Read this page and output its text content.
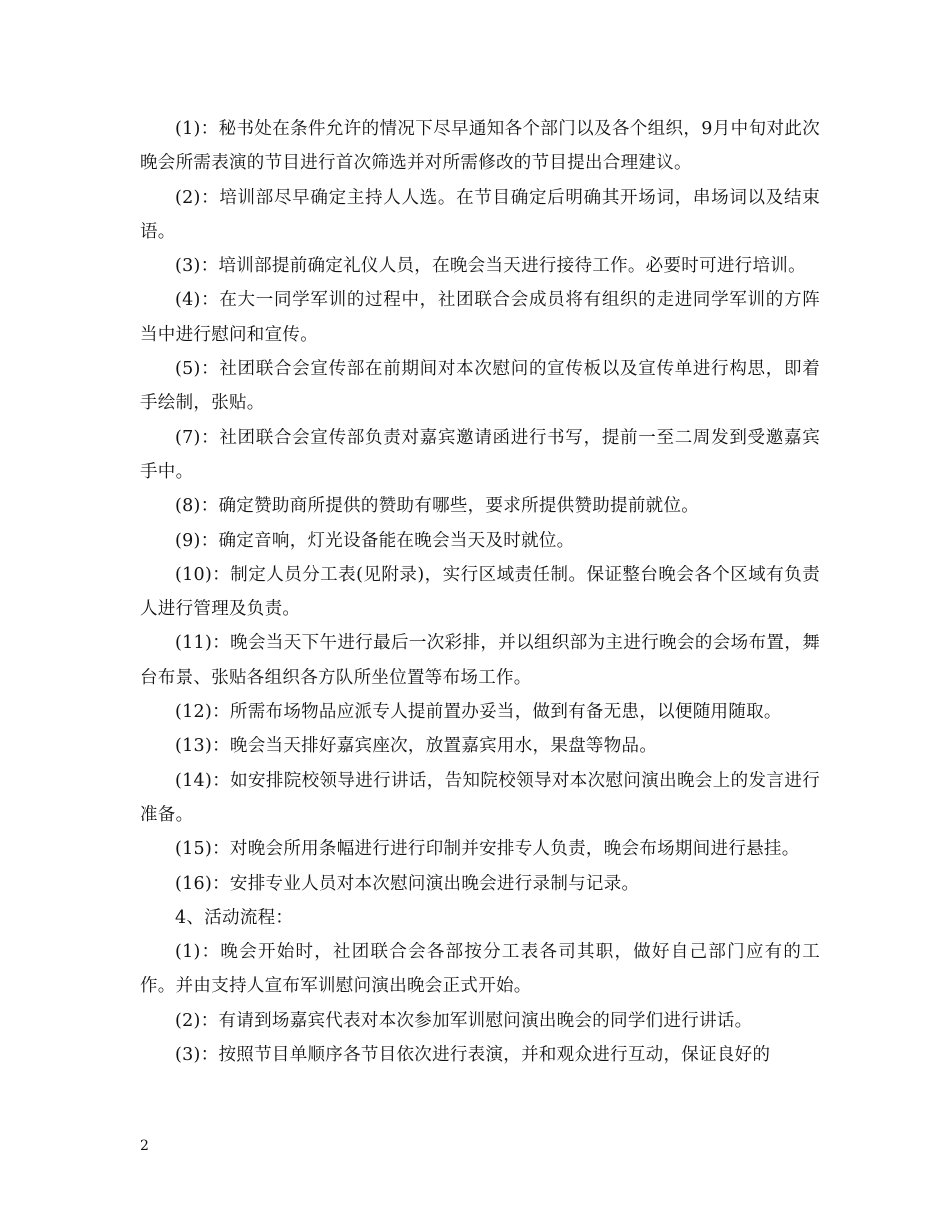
(1)：秘书处在条件允许的情况下尽早通知各个部门以及各个组织，9月中旬对此次晚会所需表演的节目进行首次筛选并对所需修改的节目提出合理建议。

(2)：培训部尽早确定主持人人选。在节目确定后明确其开场词，串场词以及结束语。

(3)：培训部提前确定礼仪人员，在晚会当天进行接待工作。必要时可进行培训。

(4)：在大一同学军训的过程中，社团联合会成员将有组织的走进同学军训的方阵当中进行慰问和宣传。

(5)：社团联合会宣传部在前期间对本次慰问的宣传板以及宣传单进行构思，即着手绘制，张贴。

(7)：社团联合会宣传部负责对嘉宾邀请函进行书写，提前一至二周发到受邀嘉宾手中。

(8)：确定赞助商所提供的赞助有哪些，要求所提供赞助提前就位。

(9)：确定音响，灯光设备能在晚会当天及时就位。

(10)：制定人员分工表(见附录)，实行区域责任制。保证整台晚会各个区域有负责人进行管理及负责。

(11)：晚会当天下午进行最后一次彩排，并以组织部为主进行晚会的会场布置，舞台布景、张贴各组织各方队所坐位置等布场工作。

(12)：所需布场物品应派专人提前置办妥当，做到有备无患，以便随用随取。

(13)：晚会当天排好嘉宾座次，放置嘉宾用水，果盘等物品。

(14)：如安排院校领导进行讲话，告知院校领导对本次慰问演出晚会上的发言进行准备。

(15)：对晚会所用条幅进行进行印制并安排专人负责，晚会布场期间进行悬挂。

(16)：安排专业人员对本次慰问演出晚会进行录制与记录。

4、活动流程：

(1)：晚会开始时，社团联合会各部按分工表各司其职，做好自己部门应有的工作。并由支持人宣布军训慰问演出晚会正式开始。

(2)：有请到场嘉宾代表对本次参加军训慰问演出晚会的同学们进行讲话。

(3)：按照节目单顺序各节目依次进行表演，并和观众进行互动，保证良好的

2
